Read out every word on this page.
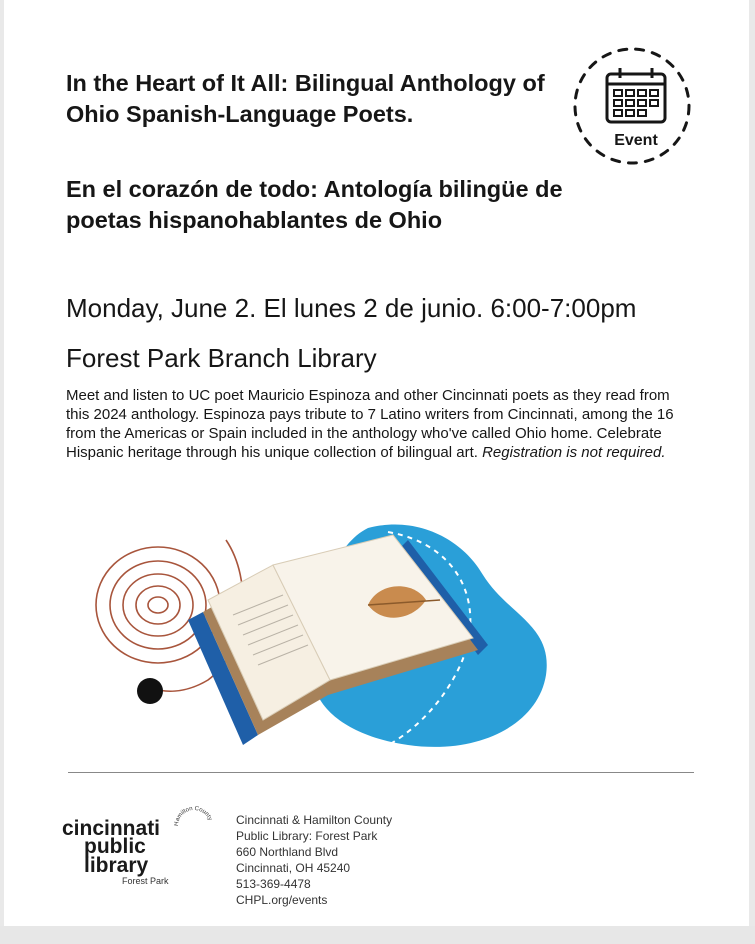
In the Heart of It All: Bilingual Anthology of Ohio Spanish-Language Poets.
En el corazón de todo: Antología bilingüe de poetas hispanohablantes de Ohio
Event

Monday, June 2. El lunes 2 de junio. 6:00-7:00pm

Forest Park Branch Library

Meet and listen to UC poet Mauricio Espinoza and other Cincinnati poets as they read from this 2024 anthology. Espinoza pays tribute to 7 Latino writers from Cincinnati, among the 16 from the Americas or Spain included in the anthology who've called Ohio home. Celebrate Hispanic heritage through his unique collection of bilingual art. Registration is not required.

cincinnati
public
library
Forest Park
Hamilton County Cincinnati & Hamilton County
Public Library: Forest Park
660 Northland Blvd
Cincinnati, OH 45240
513-369-4478
CHPL.org/events
